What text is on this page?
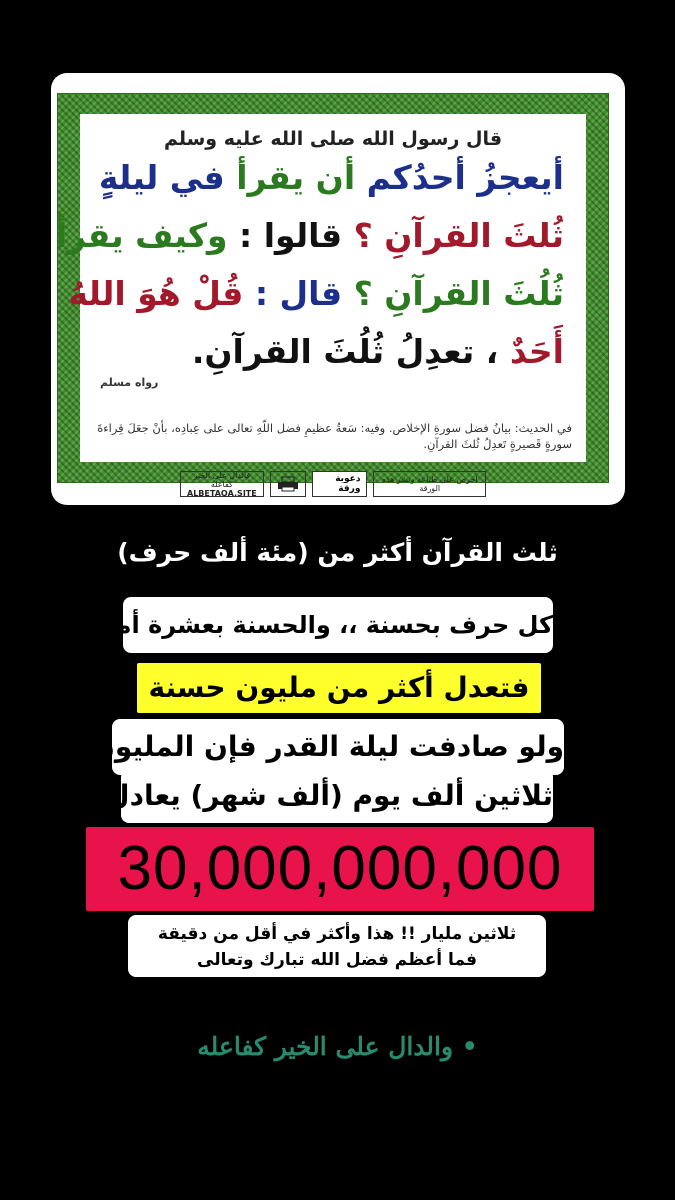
قال رسول الله صلى الله عليه وسلم
أيعجزُ أحدُكم أن يقرأ في ليلةٍ
ثُلثَ القرآنِ ؟ قالوا : وكيف يقرأ
ثُلُثَ القرآنِ ؟ قال : قُلْ هُوَ اللهُ
أَحَدٌ ، تعدِلُ ثُلُثَ القرآنِ.
رواه مسلم
في الحديث: بيانُ فضل سورةِ الإخلاص. وفيه: سَعةُ عظيمِ فضل اللّهِ تعالى على عِبادِه، بأنْ جعَلَ قِراءةَ سورةٍ قَصيرةٍ تَعدِلُ ثُلثَ القرآنِ.
احرص على طباعة ونشر هذه الورقة
دعوية ورقة
فالدال على الخير كفاعله
ALBETAQA.SITE
ثلث القرآن أكثر من (مئة ألف حرف)
كل حرف بحسنة ،، والحسنة بعشرة أمثالها
فتعدل أكثر من مليون حسنة
ولو صادفت ليلة القدر فإن المليون في
ثلاثين ألف يوم (ألف شهر) يعادل:
30,000,000,000
ثلاثين مليار !! هذا وأكثر في أقل من دقيقة
فما أعظم فضل الله تبارك وتعالى
• والدال على الخير كفاعله
